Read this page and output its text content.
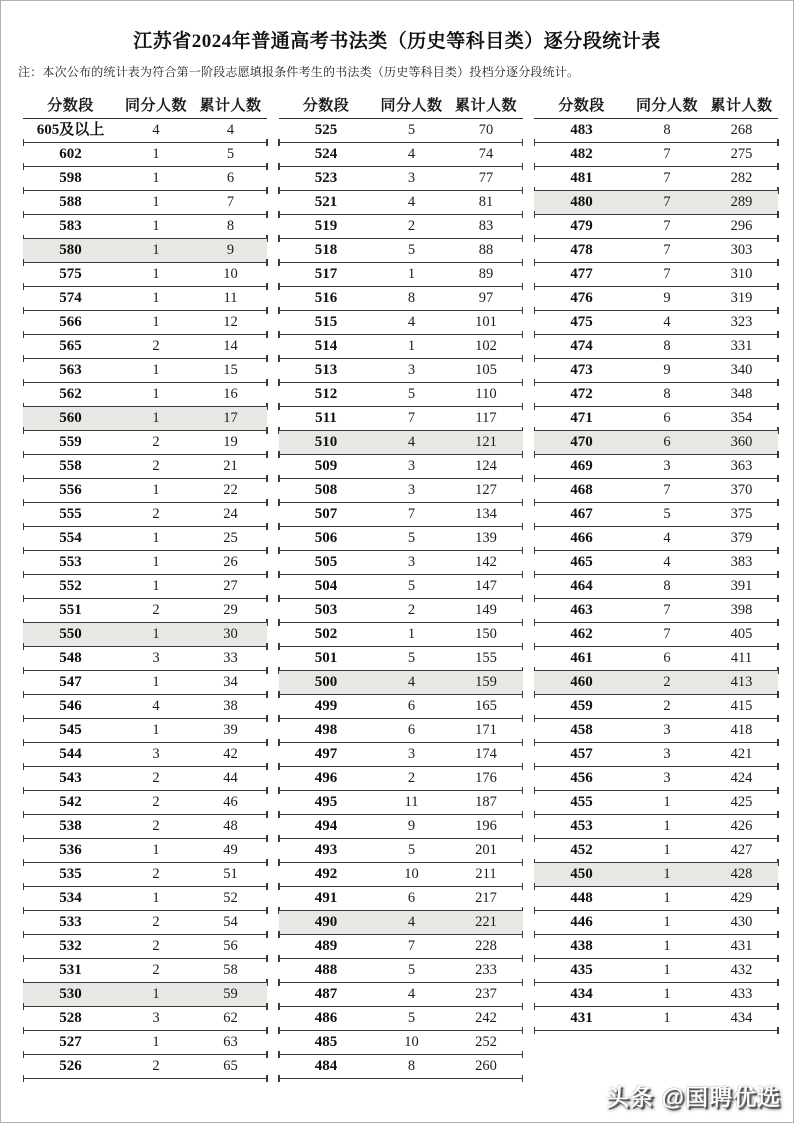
江苏省2024年普通高考书法类（历史等科目类）逐分段统计表
注：本次公布的统计表为符合第一阶段志愿填报条件考生的书法类（历史等科目类）投档分逐分段统计。
分数段	同分人数 累计人数
605及以上	4	4
602	1	5
598	1	6
588	1	7
583	1	8
580	1	9
575	1	10
574	1	11
566	1	12
565	2	14
563	1	15
562	1	16
560	1	17
559	2	19
558	2	21
556	1	22
555	2	24
554	1	25
553	1	26
552	1	27
551	2	29
550	1	30
548	3	33
547	1	34
546	4	38
545	1	39
544	3	42
543	2	44
542	2	46
538	2	48
536	1	49
535	2	51
534	1	52
533	2	54
532	2	56
531	2	58
530	1	59
528	3	62
527	1	63
526	2	65
分数段	同分人数 累计人数
525	5	70
524	4	74
523	3	77
521	4	81
519	2	83
518	5	88
517	1	89
516	8	97
515	4	101
514	1	102
513	3	105
512	5	110
511	7	117
510	4	121
509	3	124
508	3	127
507	7	134
506	5	139
505	3	142
504	5	147
503	2	149
502	1	150
501	5	155
500	4	159
499	6	165
498	6	171
497	3	174
496	2	176
495	11	187
494	9	196
493	5	201
492	10	211
491	6	217
490	4	221
489	7	228
488	5	233
487	4	237
486	5	242
485	10	252
484	8	260
分数段	同分人数 累计人数
483	8	268
482	7	275
481	7	282
480	7	289
479	7	296
478	7	303
477	7	310
476	9	319
475	4	323
474	8	331
473	9	340
472	8	348
471	6	354
470	6	360
469	3	363
468	7	370
467	5	375
466	4	379
465	4	383
464	8	391
463	7	398
462	7	405
461	6	411
460	2	413
459	2	415
458	3	418
457	3	421
456	3	424
455	1	425
453	1	426
452	1	427
450	1	428
448	1	429
446	1	430
438	1	431
435	1	432
434	1	433
431	1	434
头条 @国聘优选
